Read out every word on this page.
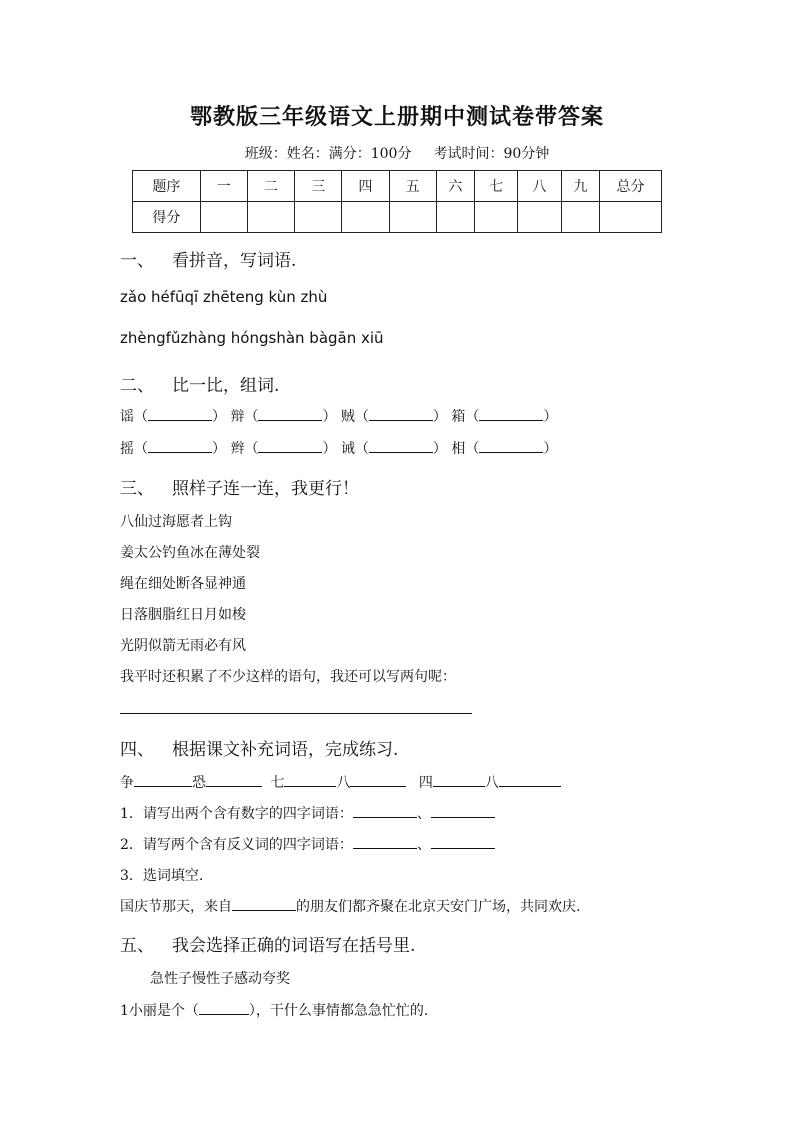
鄂教版三年级语文上册期中测试卷带答案
班级：姓名：满分：100分 考试时间：90分钟
题序	一	二	三	四	五	六	七	八	九	总分
得分										
一、 看拼音，写词语.
zǎo héfūqī zhēteng kùn zhù
zhèngfǔzhàng hóngshàn bàgān xiū
二、 比一比，组词.
谣（	） 辩（	） 贼（	） 箱（	）
摇（	） 辫（	） 诫（	） 相（	）
三、 照样子连一连，我更行！
八仙过海愿者上钩
姜太公钓鱼冰在薄处裂
绳在细处断各显神通
日落胭脂红日月如梭
光阴似箭无雨必有风
我平时还积累了不少这样的语句，我还可以写两句呢：
四、 根据课文补充词语，完成练习.
争	恐	七	八	四	八
1．请写出两个含有数字的四字词语：	、
2．请写两个含有反义词的四字词语：	、
3．选词填空.
国庆节那天，来自	的朋友们都齐聚在北京天安门广场，共同欢庆.
五、 我会选择正确的词语写在括号里.
急性子慢性子感动夸奖
1小丽是个（	），干什么事情都急急忙忙的.
